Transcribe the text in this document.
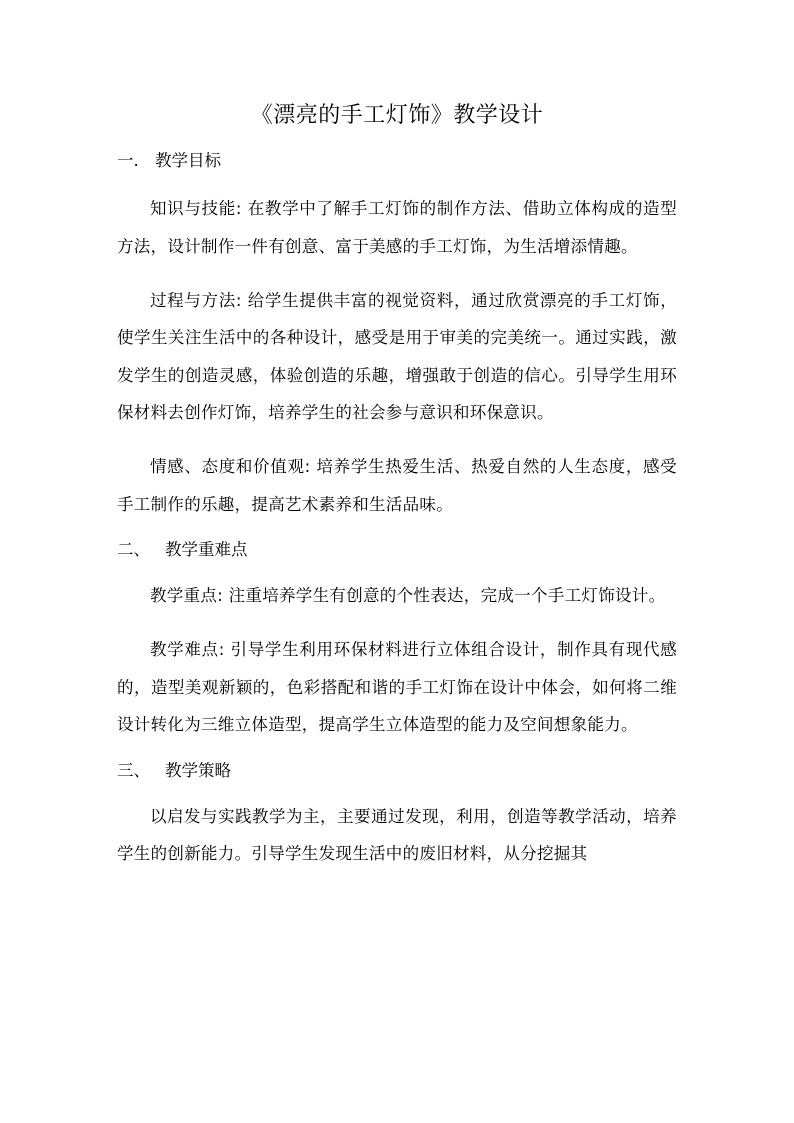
《漂亮的手工灯饰》教学设计
一. 教学目标

知识与技能: 在教学中了解手工灯饰的制作方法、借助立体构成的造型方法，设计制作一件有创意、富于美感的手工灯饰，为生活增添情趣。

过程与方法: 给学生提供丰富的视觉资料，通过欣赏漂亮的手工灯饰，使学生关注生活中的各种设计，感受是用于审美的完美统一。通过实践，激发学生的创造灵感，体验创造的乐趣，增强敢于创造的信心。引导学生用环保材料去创作灯饰，培养学生的社会参与意识和环保意识。

情感、态度和价值观: 培养学生热爱生活、热爱自然的人生态度，感受手工制作的乐趣，提高艺术素养和生活品味。

二、 教学重难点

教学重点: 注重培养学生有创意的个性表达，完成一个手工灯饰设计。

教学难点: 引导学生利用环保材料进行立体组合设计，制作具有现代感的，造型美观新颖的，色彩搭配和谐的手工灯饰在设计中体会，如何将二维设计转化为三维立体造型，提高学生立体造型的能力及空间想象能力。

三、 教学策略

以启发与实践教学为主，主要通过发现，利用，创造等教学活动，培养学生的创新能力。引导学生发现生活中的废旧材料，从分挖掘其
